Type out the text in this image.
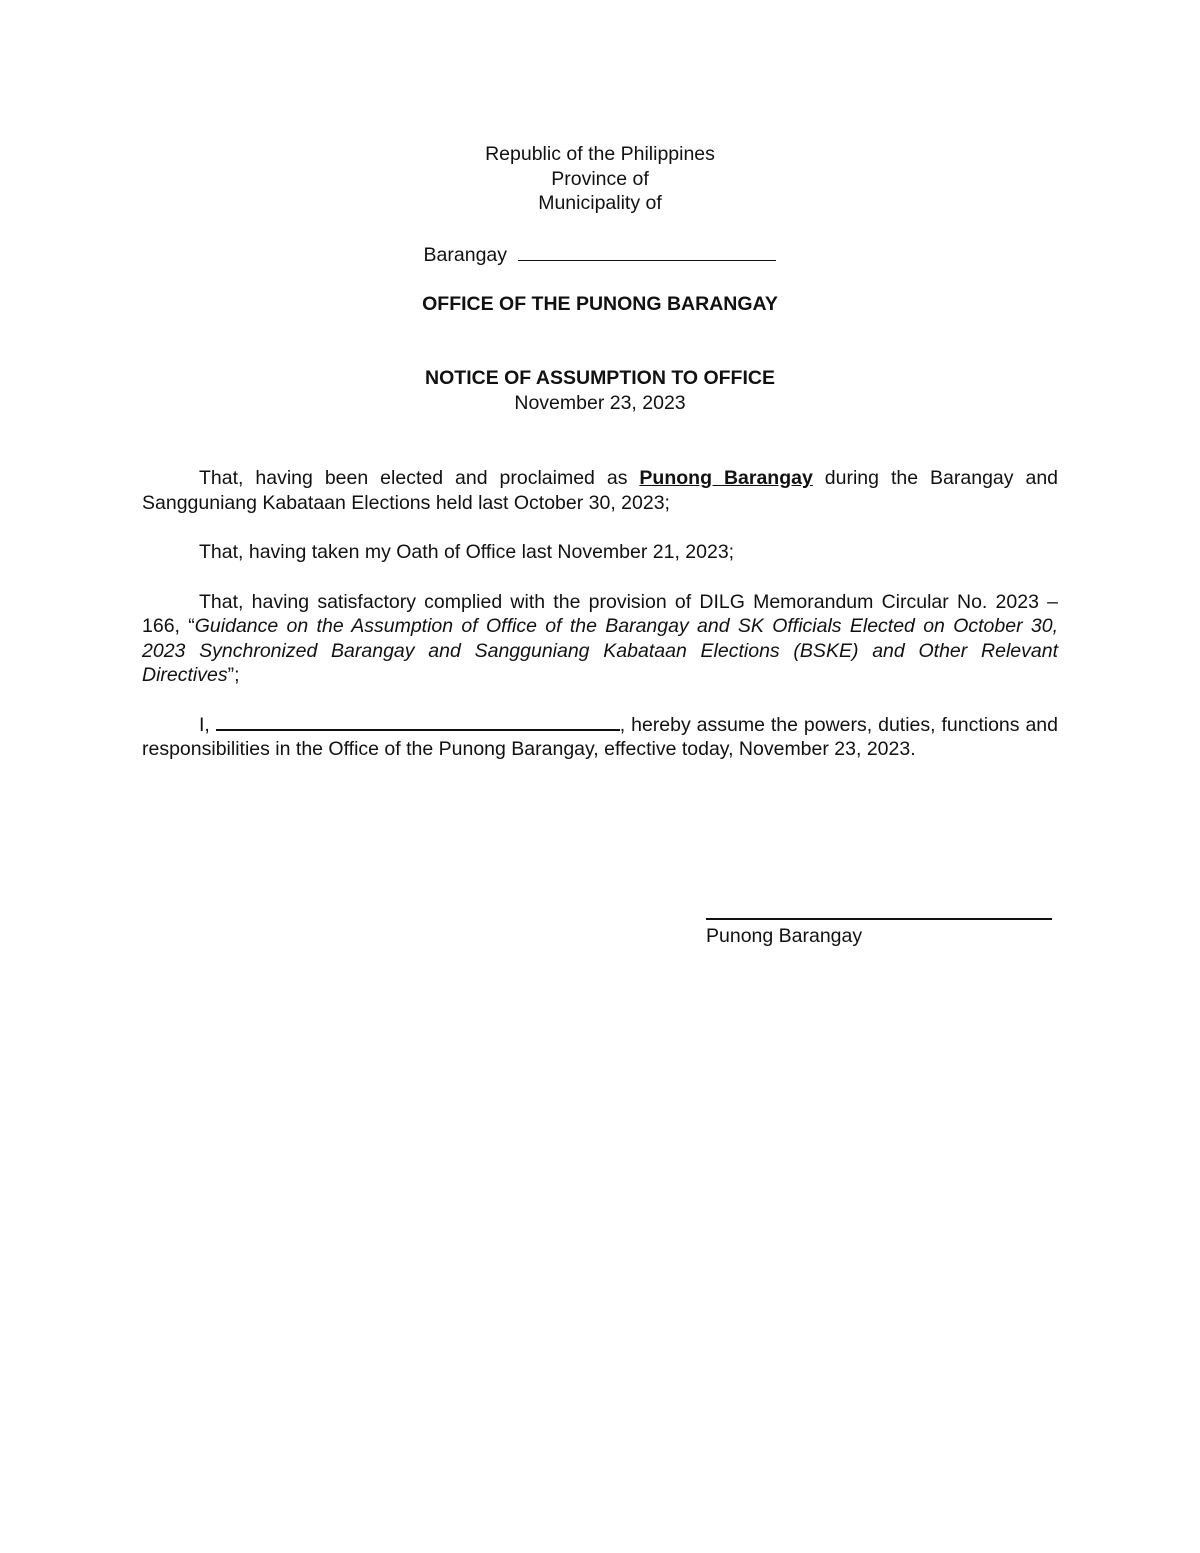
Republic of the Philippines
Province of
Municipality of
Barangay
OFFICE OF THE PUNONG BARANGAY
NOTICE OF ASSUMPTION TO OFFICE
November 23, 2023

That, having been elected and proclaimed as Punong Barangay during the Barangay and Sangguniang Kabataan Elections held last October 30, 2023;

That, having taken my Oath of Office last November 21, 2023;

That, having satisfactory complied with the provision of DILG Memorandum Circular No. 2023 – 166, “Guidance on the Assumption of Office of the Barangay and SK Officials Elected on October 30, 2023 Synchronized Barangay and Sangguniang Kabataan Elections (BSKE) and Other Relevant Directives”;

I,	, hereby assume the powers, duties, functions and responsibilities in the Office of the Punong Barangay, effective today, November 23, 2023.

Punong Barangay
